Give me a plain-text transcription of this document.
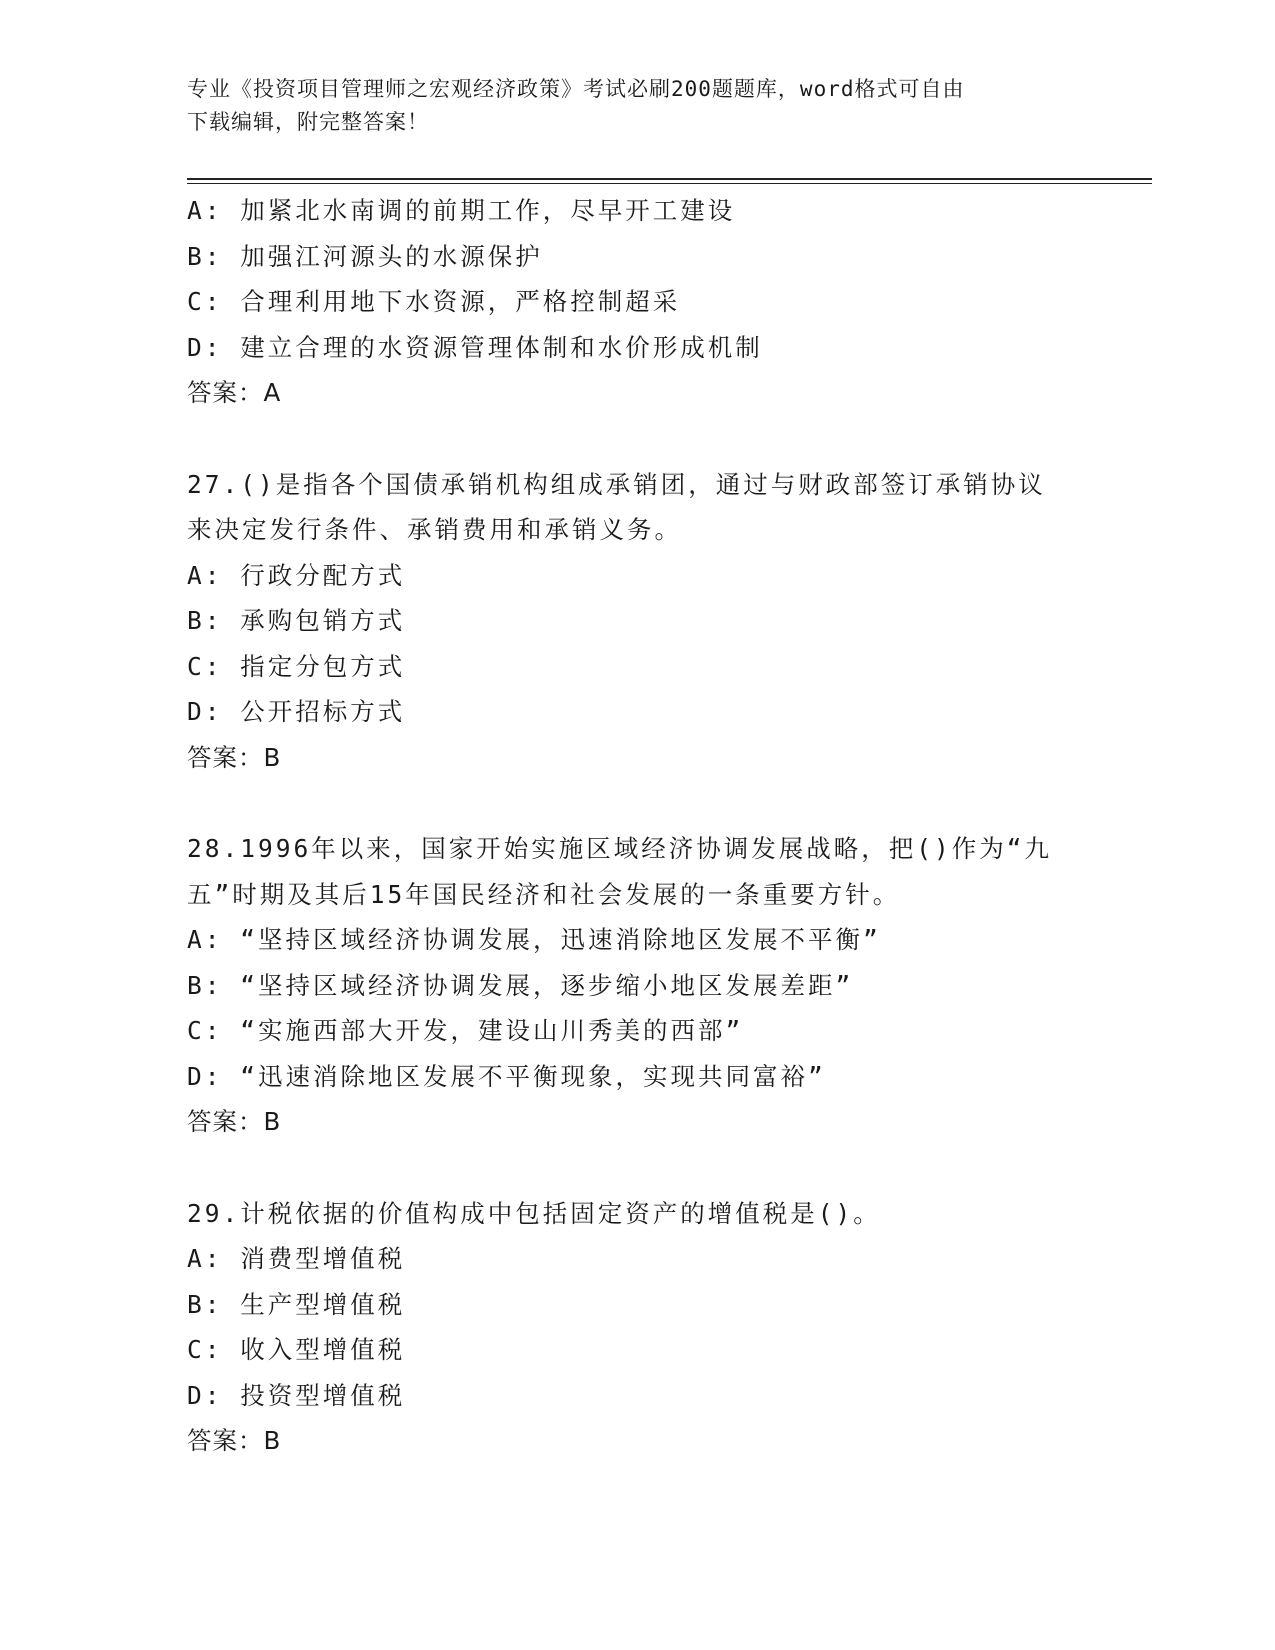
专业《投资项目管理师之宏观经济政策》考试必刷200题题库，word格式可自由
下载编辑，附完整答案！
A: 加紧北水南调的前期工作，尽早开工建设
B: 加强江河源头的水源保护
C: 合理利用地下水资源，严格控制超采
D: 建立合理的水资源管理体制和水价形成机制
答案：A
27.()是指各个国债承销机构组成承销团，通过与财政部签订承销协议
来决定发行条件、承销费用和承销义务。
A: 行政分配方式
B: 承购包销方式
C: 指定分包方式
D: 公开招标方式
答案：B
28.1996年以来，国家开始实施区域经济协调发展战略，把()作为“九
五”时期及其后15年国民经济和社会发展的一条重要方针。
A: “坚持区域经济协调发展，迅速消除地区发展不平衡”
B: “坚持区域经济协调发展，逐步缩小地区发展差距”
C: “实施西部大开发，建设山川秀美的西部”
D: “迅速消除地区发展不平衡现象，实现共同富裕”
答案：B
29.计税依据的价值构成中包括固定资产的增值税是()。
A: 消费型增值税
B: 生产型增值税
C: 收入型增值税
D: 投资型增值税
答案：B
